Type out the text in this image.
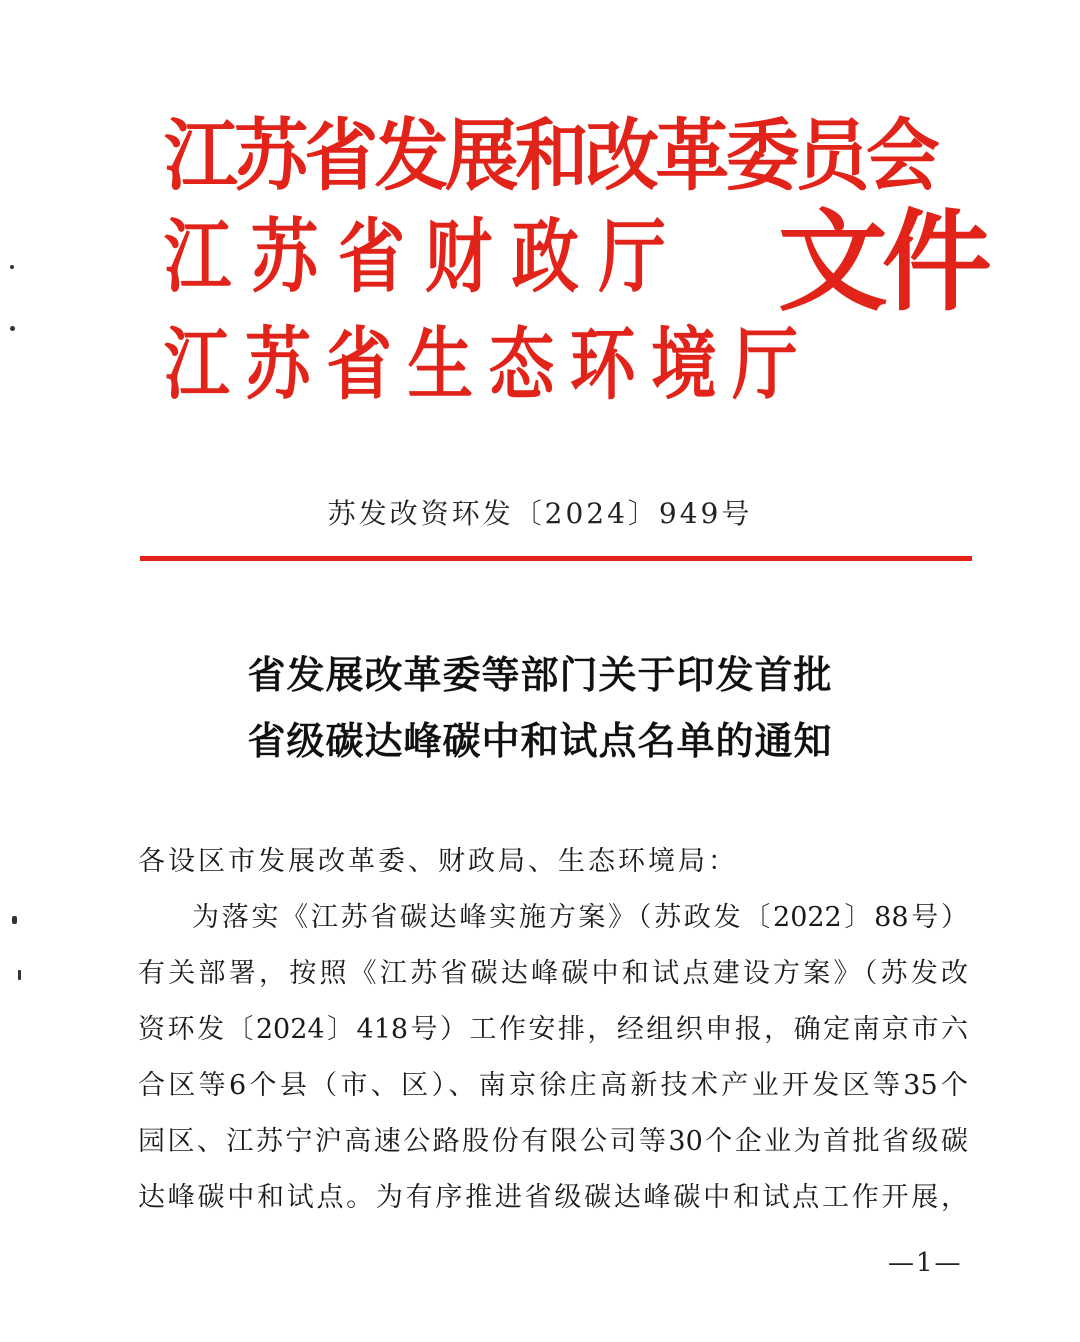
江苏省发展和改革委员会
江苏省财政厅
江苏省生态环境厅
文件
苏发改资环发〔2024〕949号
省发展改革委等部门关于印发首批
省级碳达峰碳中和试点名单的通知
各设区市发展改革委、财政局、生态环境局：
为落实《江苏省碳达峰实施方案》（苏政发〔2022〕88号）
有关部署，按照《江苏省碳达峰碳中和试点建设方案》（苏发改
资环发〔2024〕418号）工作安排，经组织申报，确定南京市六
合区等6个县（市、区）、南京徐庄高新技术产业开发区等35个
园区、江苏宁沪高速公路股份有限公司等30个企业为首批省级碳
达峰碳中和试点。为有序推进省级碳达峰碳中和试点工作开展，
—1—
